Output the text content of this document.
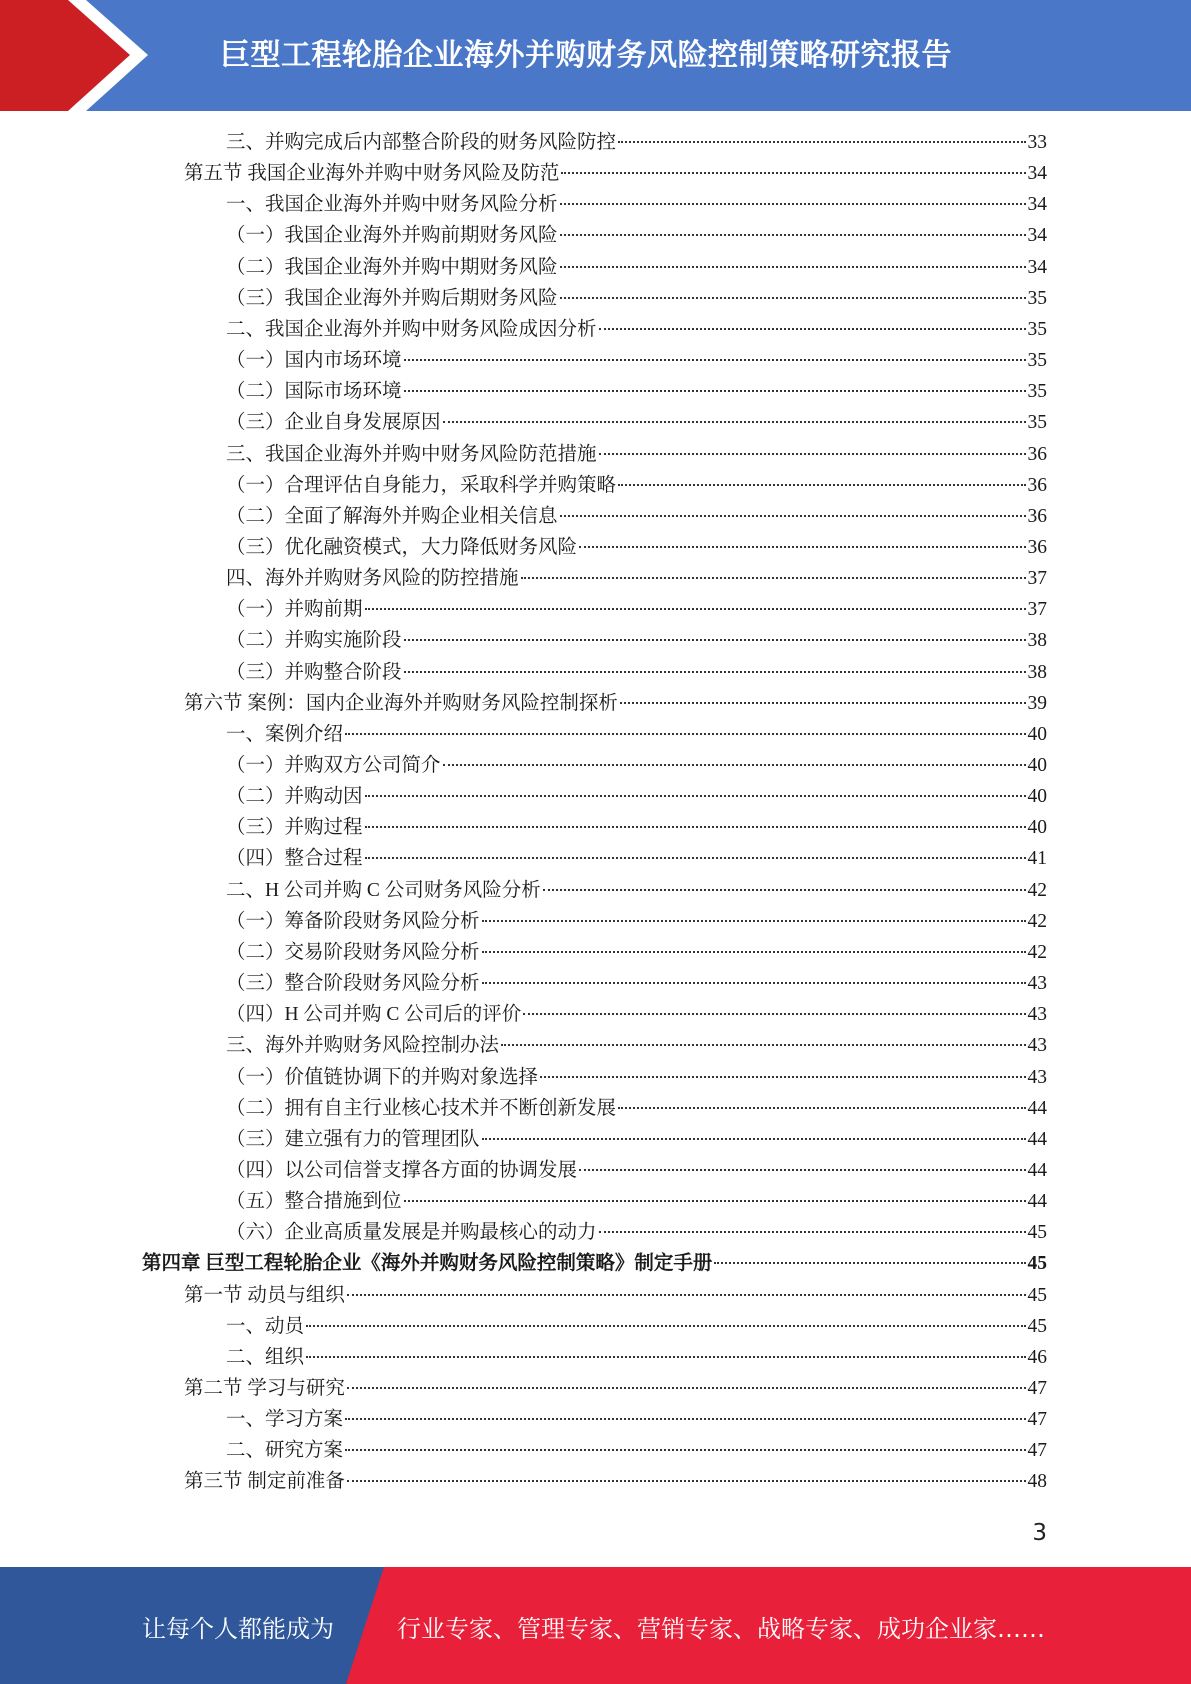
巨型工程轮胎企业海外并购财务风险控制策略研究报告
三、并购完成后内部整合阶段的财务风险防控	33
第五节 我国企业海外并购中财务风险及防范	34
一、我国企业海外并购中财务风险分析	34
（一）我国企业海外并购前期财务风险	34
（二）我国企业海外并购中期财务风险	34
（三）我国企业海外并购后期财务风险	35
二、我国企业海外并购中财务风险成因分析	35
（一）国内市场环境	35
（二）国际市场环境	35
（三）企业自身发展原因	35
三、我国企业海外并购中财务风险防范措施	36
（一）合理评估自身能力，采取科学并购策略	36
（二）全面了解海外并购企业相关信息	36
（三）优化融资模式，大力降低财务风险	36
四、海外并购财务风险的防控措施	37
（一）并购前期	37
（二）并购实施阶段	38
（三）并购整合阶段	38
第六节 案例：国内企业海外并购财务风险控制探析	39
一、案例介绍	40
（一）并购双方公司简介	40
（二）并购动因	40
（三）并购过程	40
（四）整合过程	41
二、H 公司并购 C 公司财务风险分析	42
（一）筹备阶段财务风险分析	42
（二）交易阶段财务风险分析	42
（三）整合阶段财务风险分析	43
（四）H 公司并购 C 公司后的评价	43
三、海外并购财务风险控制办法	43
（一）价值链协调下的并购对象选择	43
（二）拥有自主行业核心技术并不断创新发展	44
（三）建立强有力的管理团队	44
（四）以公司信誉支撑各方面的协调发展	44
（五）整合措施到位	44
（六）企业高质量发展是并购最核心的动力	45
第四章 巨型工程轮胎企业《海外并购财务风险控制策略》制定手册	45
第一节 动员与组织	45
一、动员	45
二、组织	46
第二节 学习与研究	47
一、学习方案	47
二、研究方案	47
第三节 制定前准备	48
3
让每个人都能成为	行业专家、管理专家、营销专家、战略专家、成功企业家……
